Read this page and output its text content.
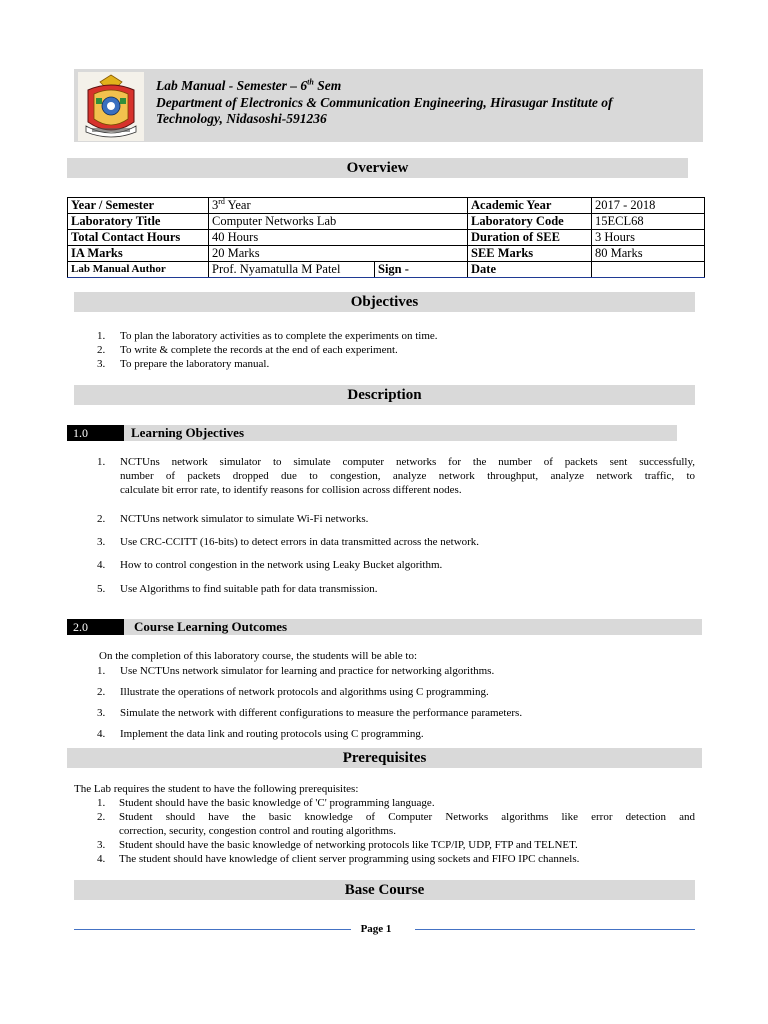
Lab Manual - Semester – 6th Sem
Department of Electronics & Communication Engineering, Hirasugar Institute of
Technology, Nidasoshi-591236
Overview
Year / Semester	3rd Year		Academic Year	2017 - 2018
Laboratory Title	Computer Networks Lab		Laboratory Code	15ECL68
Total Contact Hours	40 Hours		Duration of SEE	3 Hours
IA Marks	20 Marks		SEE Marks	80 Marks
Lab Manual Author	Prof. Nyamatulla M Patel	Sign -	Date	
Objectives
1. To plan the laboratory activities as to complete the experiments on time.
2. To write & complete the records at the end of each experiment.
3. To prepare the laboratory manual.
Description
1.0	Learning Objectives
1. NCTUns network simulator to simulate computer networks for the number of packets sent successfully,
number of packets dropped due to congestion, analyze network throughput, analyze network traffic, to
calculate bit error rate, to identify reasons for collision across different nodes.
2. NCTUns network simulator to simulate Wi-Fi networks.
3. Use CRC-CCITT (16-bits) to detect errors in data transmitted across the network.
4. How to control congestion in the network using Leaky Bucket algorithm.
5. Use Algorithms to find suitable path for data transmission.
2.0	Course Learning Outcomes
On the completion of this laboratory course, the students will be able to:
1. Use NCTUns network simulator for learning and practice for networking algorithms.
2. Illustrate the operations of network protocols and algorithms using C programming.
3. Simulate the network with different configurations to measure the performance parameters.
4. Implement the data link and routing protocols using C programming.
Prerequisites
The Lab requires the student to have the following prerequisites:
1. Student should have the basic knowledge of 'C' programming language.
2. Student should have the basic knowledge of Computer Networks algorithms like error detection and
correction, security, congestion control and routing algorithms.
3. Student should have the basic knowledge of networking protocols like TCP/IP, UDP, FTP and TELNET.
4. The student should have knowledge of client server programming using sockets and FIFO IPC channels.
Base Course
Page 1
